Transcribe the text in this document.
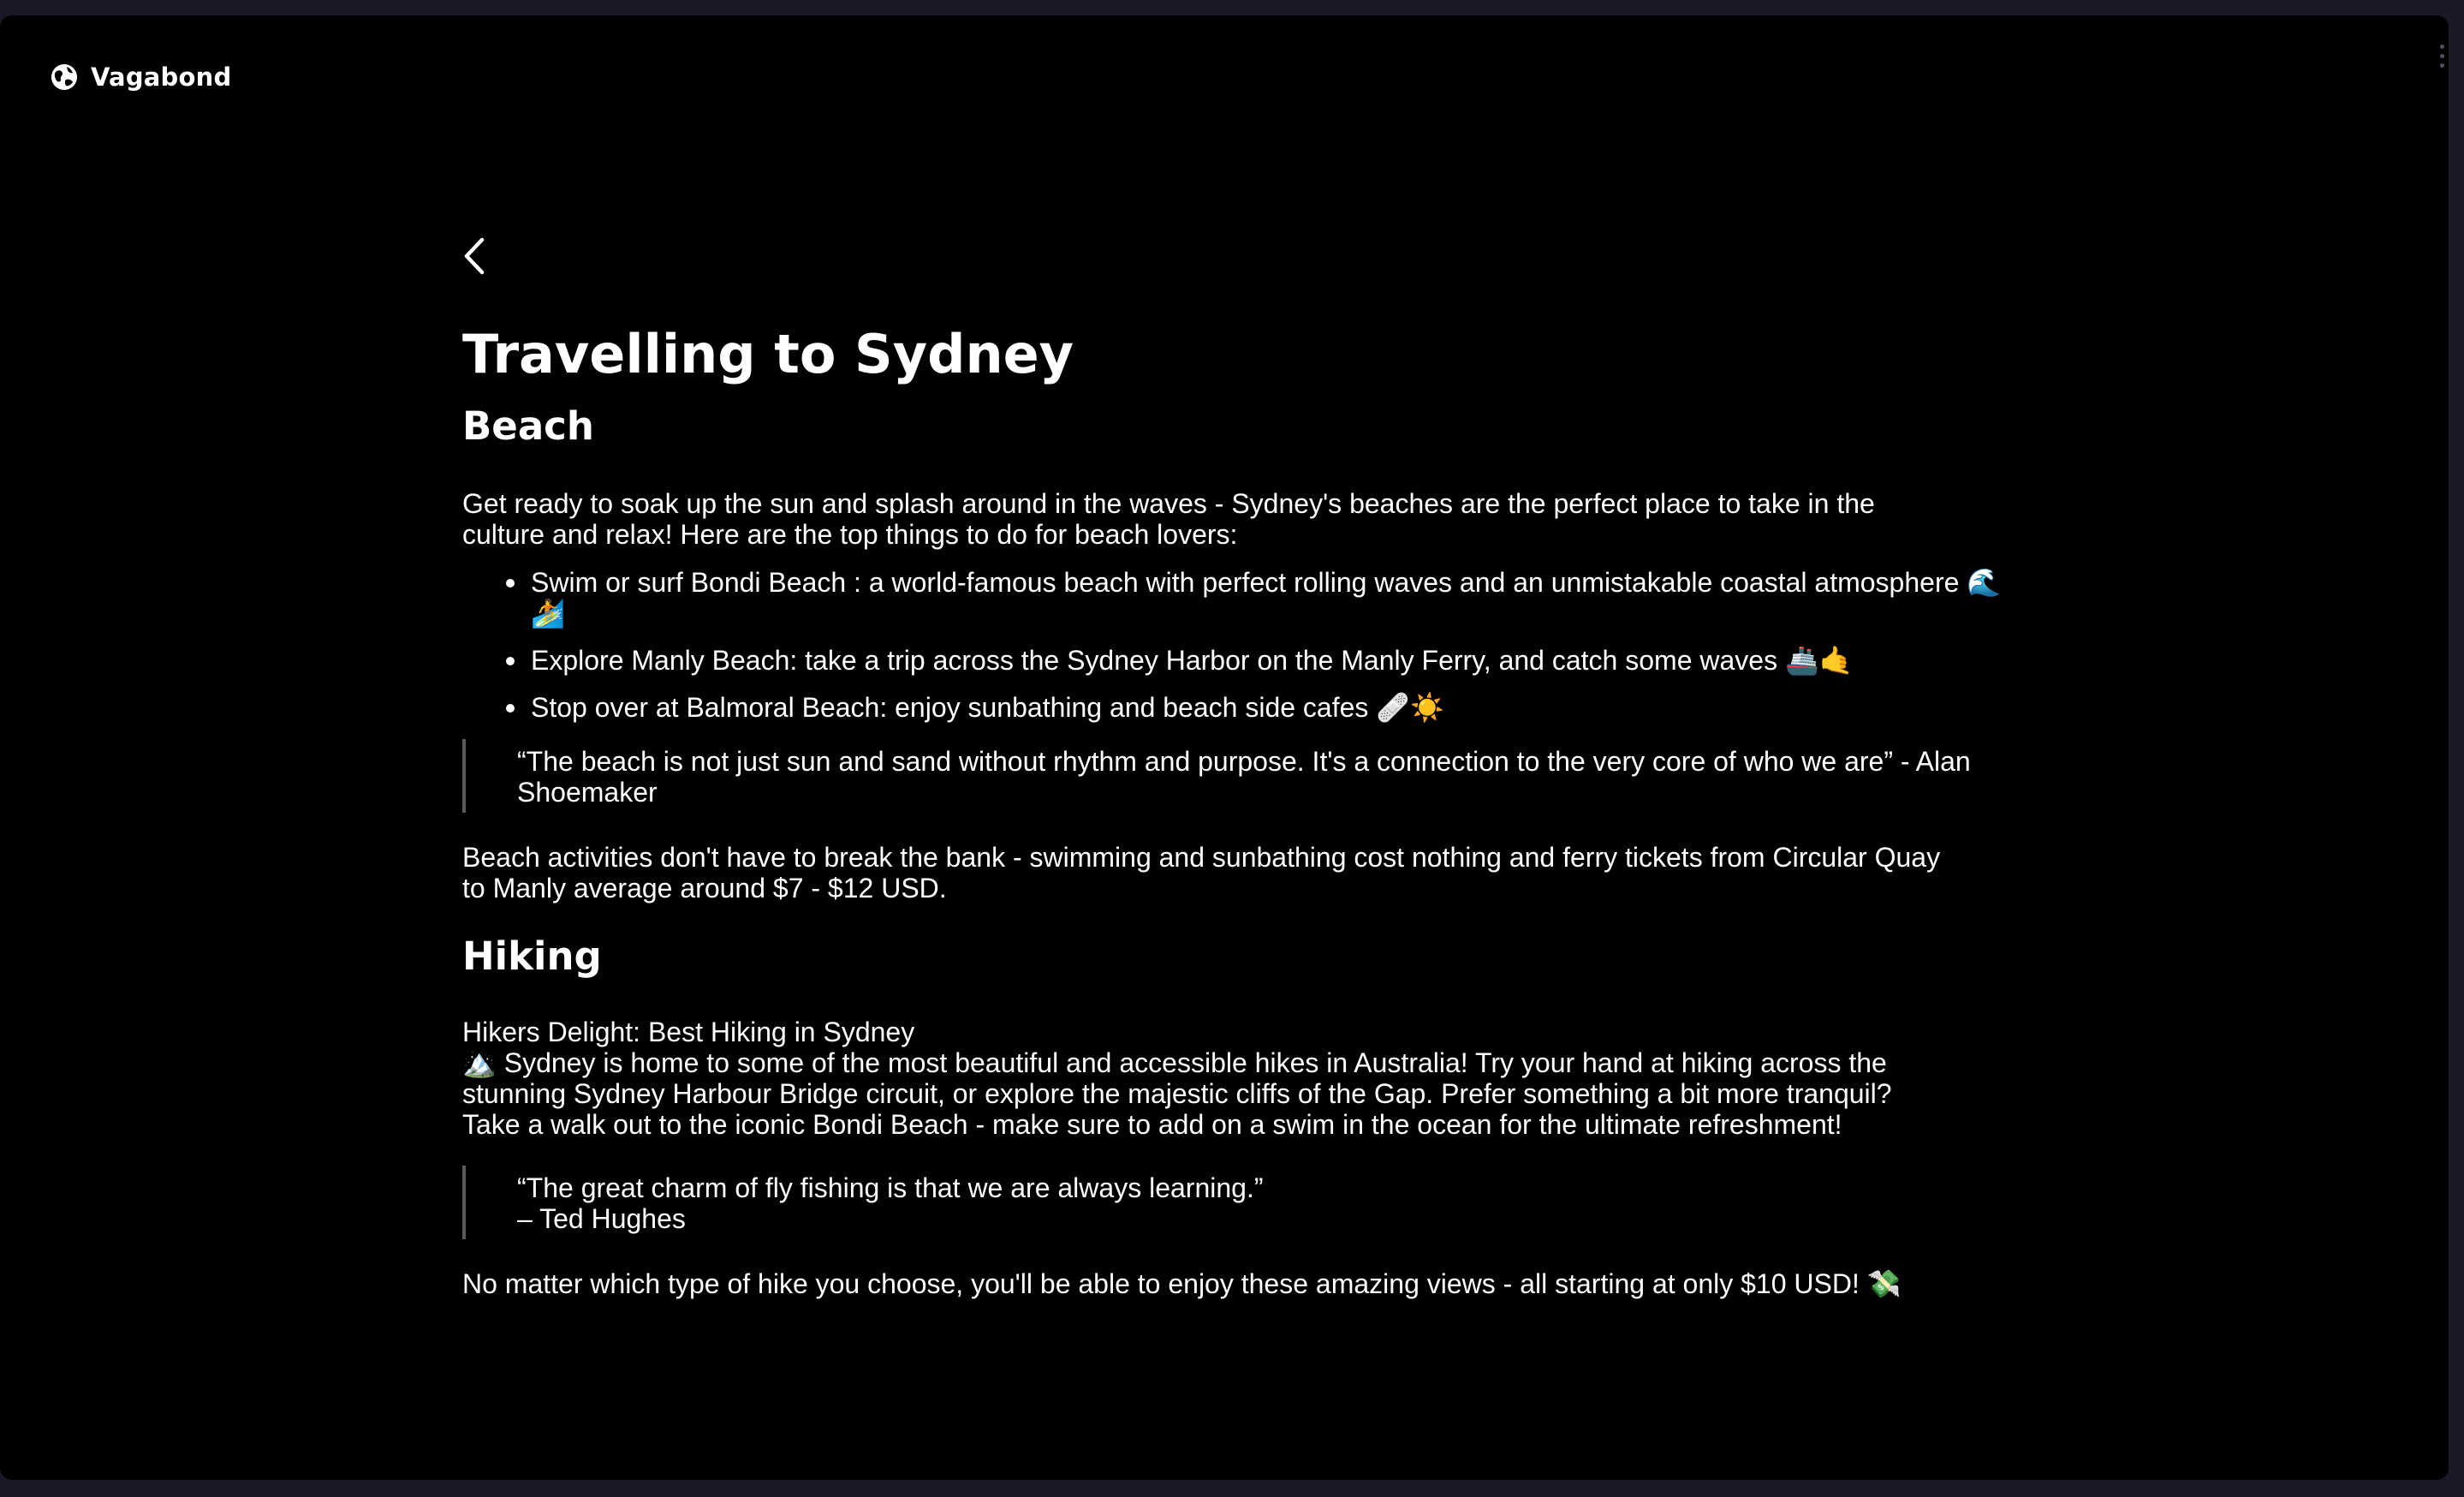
Vagabond
Travelling to Sydney
Beach

Get ready to soak up the sun and splash around in the waves - Sydney's beaches are the perfect place to take in the culture and relax! Here are the top things to do for beach lovers:

Swim or surf Bondi Beach : a world-famous beach with perfect rolling waves and an unmistakable coastal atmosphere 🌊🏄
Explore Manly Beach: take a trip across the Sydney Harbor on the Manly Ferry, and catch some waves 🚢🤙
Stop over at Balmoral Beach: enjoy sunbathing and beach side cafes 🩹☀️
“The beach is not just sun and sand without rhythm and purpose. It's a connection to the very core of who we are” - Alan Shoemaker

Beach activities don't have to break the bank - swimming and sunbathing cost nothing and ferry tickets from Circular Quay to Manly average around $7 - $12 USD.

Hiking

Hikers Delight: Best Hiking in Sydney

🏔️ Sydney is home to some of the most beautiful and accessible hikes in Australia! Try your hand at hiking across the stunning Sydney Harbour Bridge circuit, or explore the majestic cliffs of the Gap. Prefer something a bit more tranquil? Take a walk out to the iconic Bondi Beach - make sure to add on a swim in the ocean for the ultimate refreshment!

“The great charm of fly fishing is that we are always learning.”
– Ted Hughes

No matter which type of hike you choose, you'll be able to enjoy these amazing views - all starting at only $10 USD! 💸
